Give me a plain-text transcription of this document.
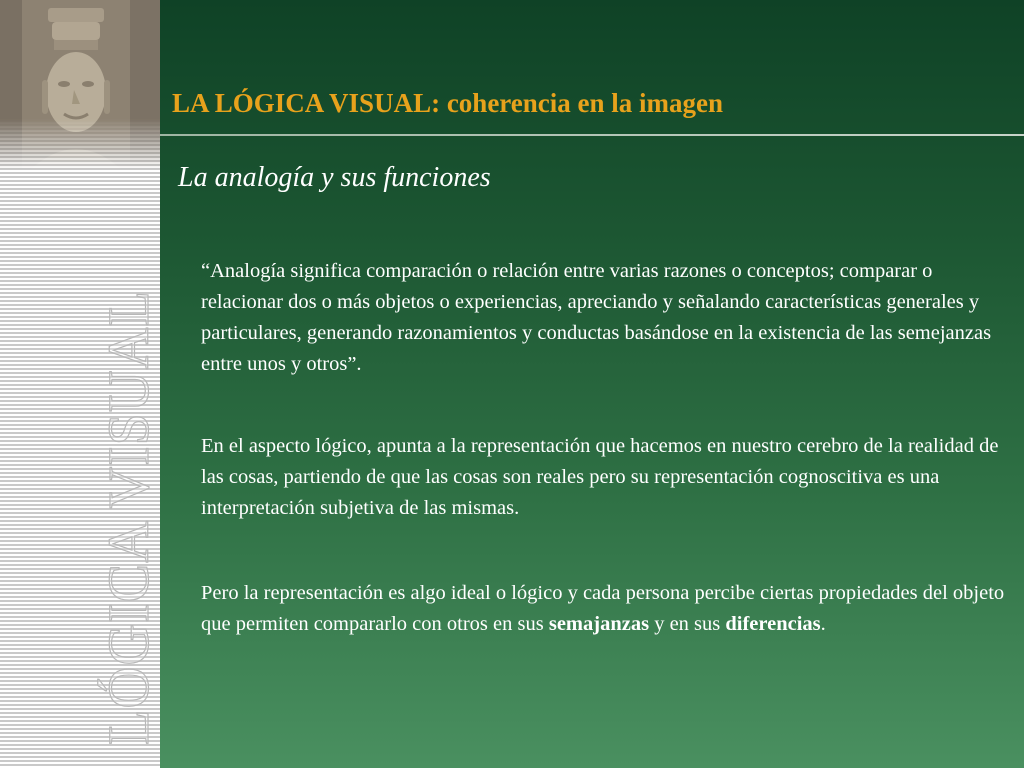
LÓGICA VISUAL
LA LÓGICA VISUAL: coherencia en la imagen
La analogía y sus funciones
“Analogía significa comparación o relación entre varias razones o conceptos; comparar o relacionar dos o más objetos o experiencias, apreciando y señalando características generales y particulares, generando razonamientos y conductas basándose en la existencia de las semejanzas entre unos y otros”.
En el aspecto lógico, apunta a la representación que hacemos en nuestro cerebro de la realidad de las cosas, partiendo de que las cosas son reales pero su representación cognoscitiva es una interpretación subjetiva de las mismas.
Pero la representación es algo ideal o lógico y cada persona percibe ciertas propiedades del objeto que permiten compararlo con otros en sus semajanzas y en sus diferencias.
